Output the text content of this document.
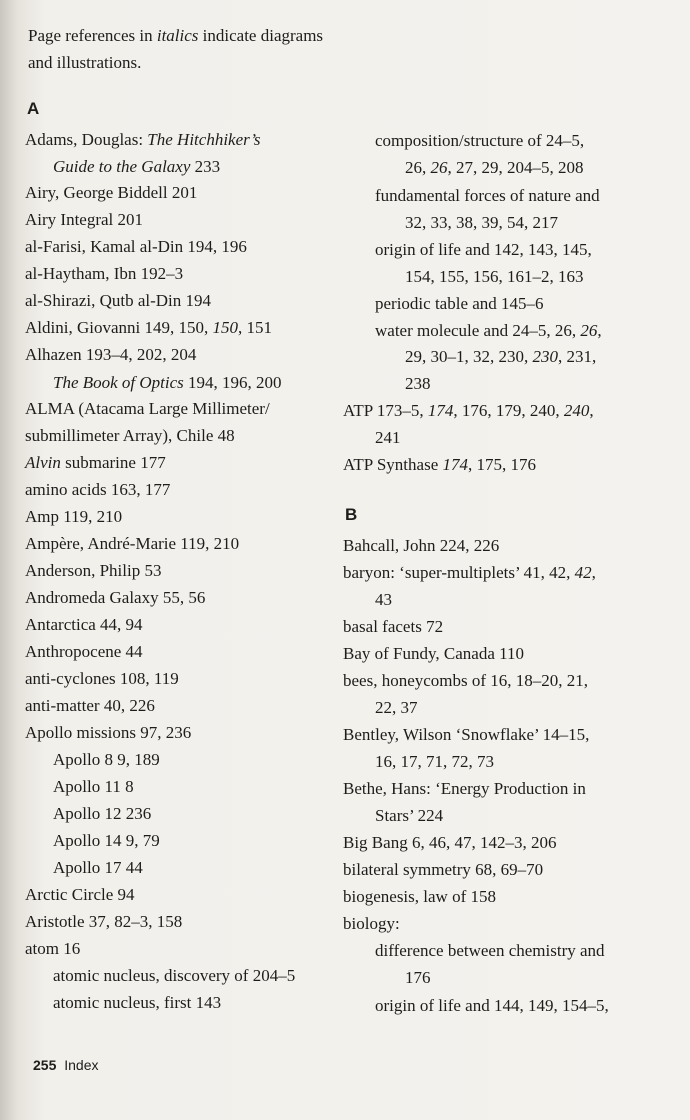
Page references in italics indicate diagrams and illustrations.
A
Adams, Douglas: The Hitchhiker’s
Guide to the Galaxy 233
Airy, George Biddell 201
Airy Integral 201
al-Farisi, Kamal al-Din 194, 196
al-Haytham, Ibn 192–3
al-Shirazi, Qutb al-Din 194
Aldini, Giovanni 149, 150, 150, 151
Alhazen 193–4, 202, 204
The Book of Optics 194, 196, 200
ALMA (Atacama Large Millimeter/
submillimeter Array), Chile 48
Alvin submarine 177
amino acids 163, 177
Amp 119, 210
Ampère, André-Marie 119, 210
Anderson, Philip 53
Andromeda Galaxy 55, 56
Antarctica 44, 94
Anthropocene 44
anti-cyclones 108, 119
anti-matter 40, 226
Apollo missions 97, 236
Apollo 8 9, 189
Apollo 11 8
Apollo 12 236
Apollo 14 9, 79
Apollo 17 44
Arctic Circle 94
Aristotle 37, 82–3, 158
atom 16
atomic nucleus, discovery of 204–5
atomic nucleus, first 143
composition/structure of 24–5,
26, 26, 27, 29, 204–5, 208
fundamental forces of nature and
32, 33, 38, 39, 54, 217
origin of life and 142, 143, 145,
154, 155, 156, 161–2, 163
periodic table and 145–6
water molecule and 24–5, 26, 26,
29, 30–1, 32, 230, 230, 231,
238
ATP 173–5, 174, 176, 179, 240, 240,
241
ATP Synthase 174, 175, 176
B
Bahcall, John 224, 226
baryon: ‘super-multiplets’ 41, 42, 42,
43
basal facets 72
Bay of Fundy, Canada 110
bees, honeycombs of 16, 18–20, 21,
22, 37
Bentley, Wilson ‘Snowflake’ 14–15,
16, 17, 71, 72, 73
Bethe, Hans: ‘Energy Production in
Stars’ 224
Big Bang 6, 46, 47, 142–3, 206
bilateral symmetry 68, 69–70
biogenesis, law of 158
biology:
difference between chemistry and
176
origin of life and 144, 149, 154–5,
255 Index
